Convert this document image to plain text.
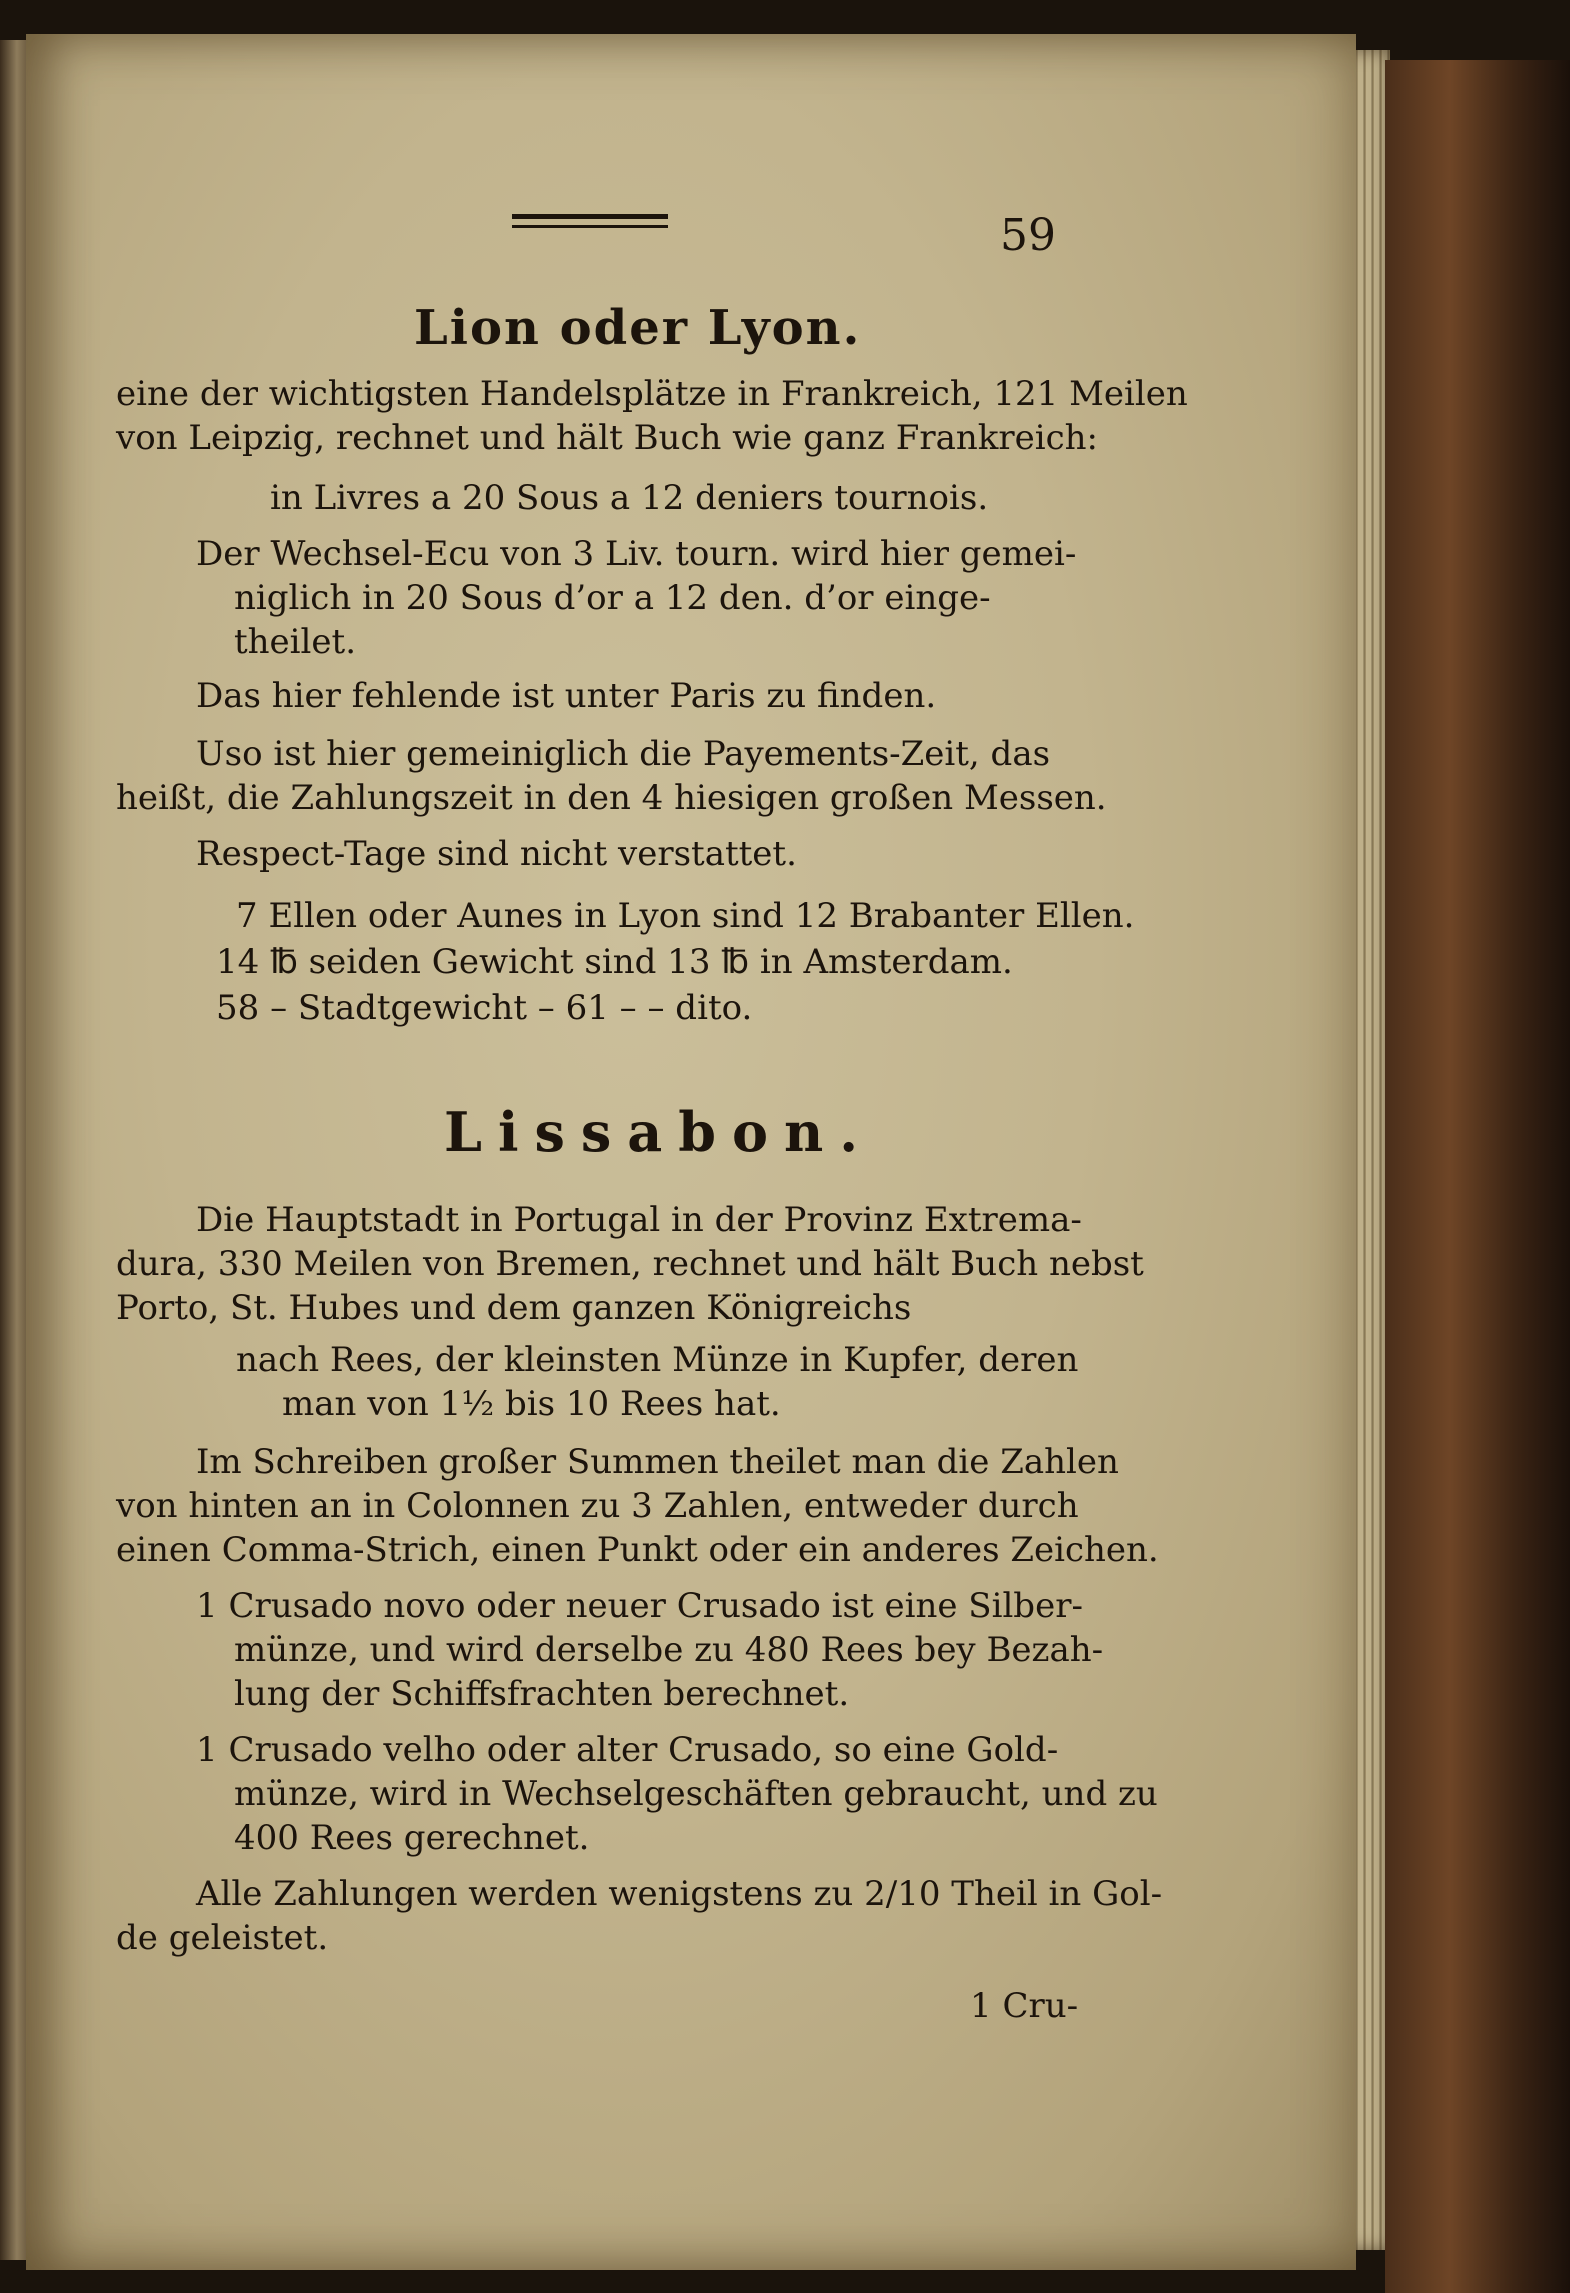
59
Lion oder Lyon.
eine der wichtigsten Handelsplätze in Frankreich, 121 Meilen
von Leipzig, rechnet und hält Buch wie ganz Frankreich:
in Livres a 20 Sous a 12 deniers tournois.
Der Wechsel-Ecu von 3 Liv. tourn. wird hier gemei-
niglich in 20 Sous d’or a 12 den. d’or einge-
theilet.
Das hier fehlende ist unter Paris zu finden.
Uso ist hier gemeiniglich die Payements-Zeit, das
heißt, die Zahlungszeit in den 4 hiesigen großen Messen.
Respect-Tage sind nicht verstattet.
7 Ellen oder Aunes in Lyon sind 12 Brabanter Ellen.
14 ℔ seiden Gewicht sind 13 ℔ in Amsterdam.
58 – Stadtgewicht – 61 – – dito.
Lissabon.
Die Hauptstadt in Portugal in der Provinz Extrema-
dura, 330 Meilen von Bremen, rechnet und hält Buch nebst
Porto, St. Hubes und dem ganzen Königreichs
nach Rees, der kleinsten Münze in Kupfer, deren
man von 1½ bis 10 Rees hat.
Im Schreiben großer Summen theilet man die Zahlen
von hinten an in Colonnen zu 3 Zahlen, entweder durch
einen Comma-Strich, einen Punkt oder ein anderes Zeichen.
1 Crusado novo oder neuer Crusado ist eine Silber-
münze, und wird derselbe zu 480 Rees bey Bezah-
lung der Schiffsfrachten berechnet.
1 Crusado velho oder alter Crusado, so eine Gold-
münze, wird in Wechselgeschäften gebraucht, und zu
400 Rees gerechnet.
Alle Zahlungen werden wenigstens zu 2/10 Theil in Gol-
de geleistet.
1 Cru-
